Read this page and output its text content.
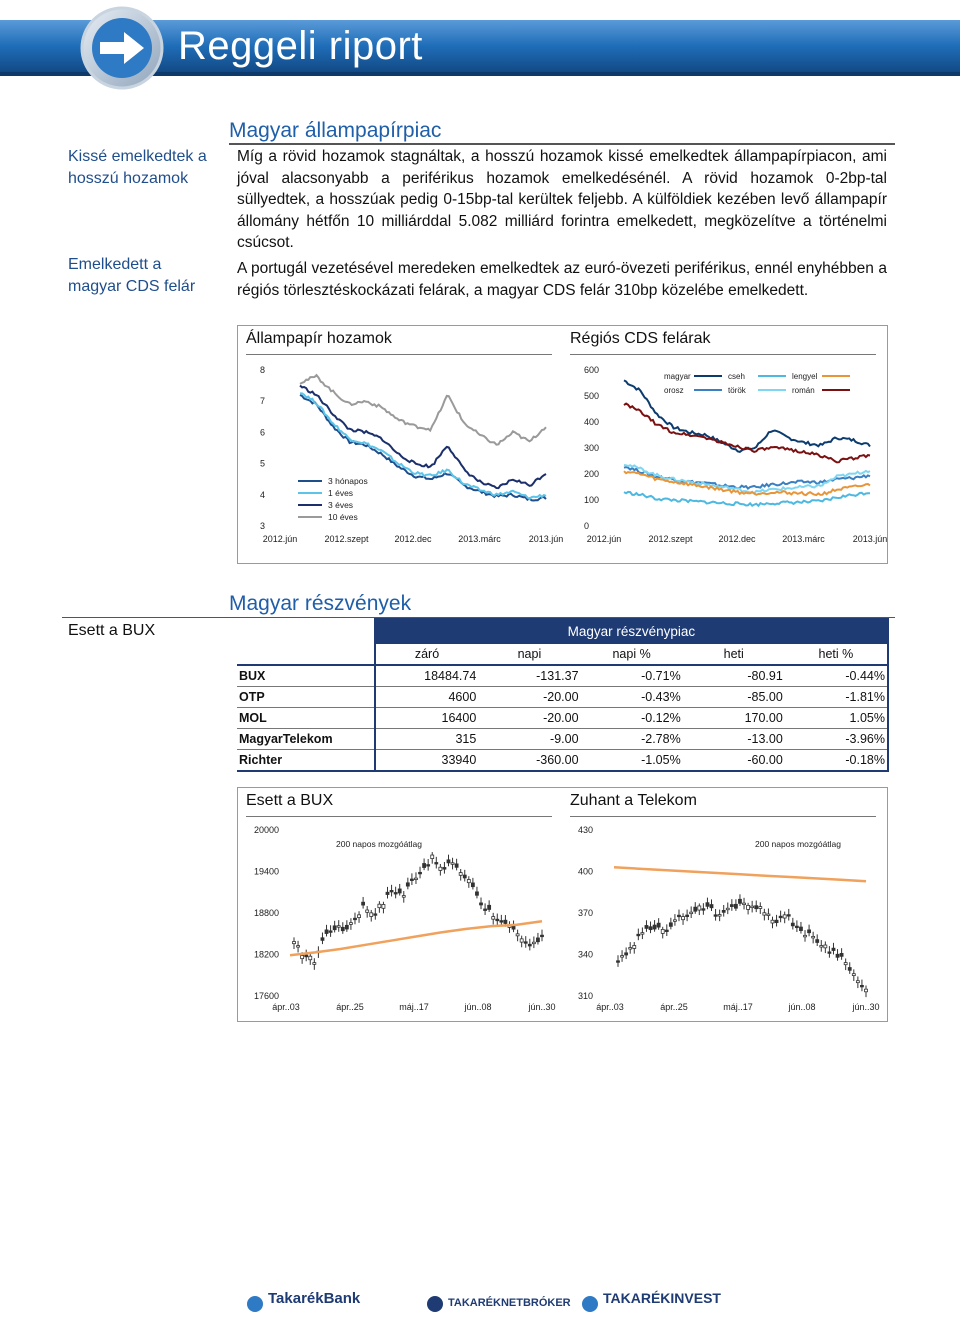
Reggeli riport
Kissé emelkedtek a hosszú hozamok
Emelkedett a magyar CDS felár
Esett a BUX
Magyar állampapírpiac
Míg a rövid hozamok stagnáltak, a hosszú hozamok kissé emelkedtek állampapírpiacon, ami jóval alacsonyabb a periférikus hozamok emelkedésénél. A rövid hozamok 0-2bp-tal süllyedtek, a hosszúak pedig 0-15bp-tal kerültek feljebb. A külföldiek kezében levő állampapír állomány hétfőn 10 milliárddal 5.082 milliárd forintra emelkedett, megközelítve a történelmi csúcsot.
A portugál vezetésével meredeken emelkedtek az euró-övezeti periférikus, ennél enyhébben a régiós törlesztéskockázati felárak, a magyar CDS felár 310bp közelébe emelkedett.
Állampapír hozamok	Régiós CDS felárak
3
4
5
6
7
8
2012.jún	2012.szept	2012.dec	2013.márc	2013.jún
3 hónapos
1 éves
3 éves
10 éves
0
100
200
300
400
500
600
2012.jún	2012.szept	2012.dec	2013.márc	2013.jún
magyar
orosz
cseh
török
lengyel
román
Magyar részvények
	Magyar részvénypiac				
	záró	napi	napi %	heti	heti %
BUX	18484.74	-131.37	-0.71%	-80.91	-0.44%
OTP	4600	-20.00	-0.43%	-85.00	-1.81%
MOL	16400	-20.00	-0.12%	170.00	1.05%
MagyarTelekom	315	-9.00	-2.78%	-13.00	-3.96%
Richter	33940	-360.00	-1.05%	-60.00	-0.18%
Esett a BUX	Zuhant a Telekom
17600
18200
18800
19400
20000
ápr..03	ápr..25	máj..17	jún..08	jún..30
200 napos mozgóátlag
310
340
370
400
430
ápr..03	ápr..25	máj..17	jún..08	jún..30
200 napos mozgóátlag
TakarékBank	TAKARÉKNETBRÓKER TAKARÉKINVEST
